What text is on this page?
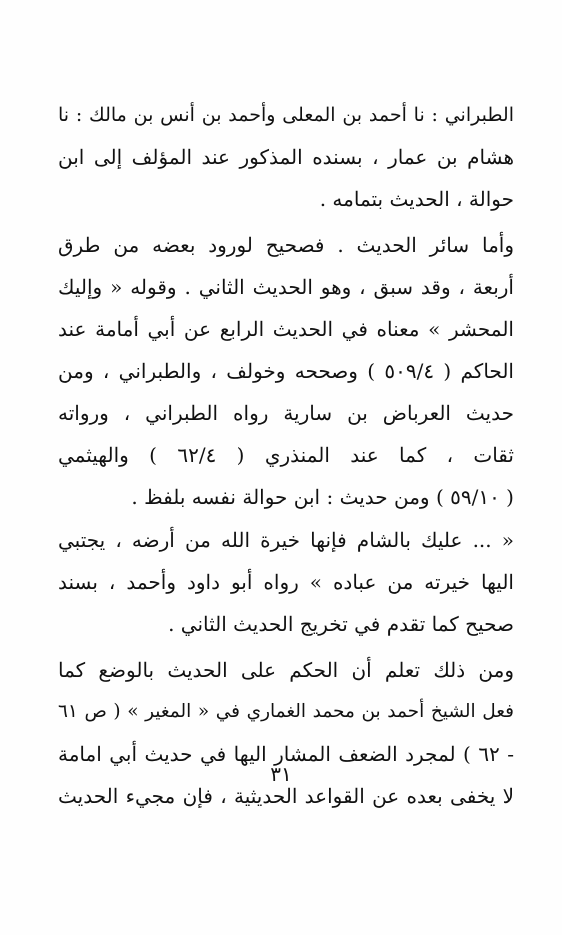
الطبراني : نا أحمد بن المعلى وأحمد بن أنس بن مالك : نا
هشام بن عمار ، بسنده المذكور عند المؤلف إلى ابن
حوالة ، الحديث بتمامه .
وأما سائر الحديث . فصحيح لورود بعضه من طرق
أربعة ، وقد سبق ، وهو الحديث الثاني . وقوله « وإليك
المحشر » معناه في الحديث الرابع عن أبي أمامة عند
الحاكم ( ٥٠٩/٤ ) وصححه وخولف ، والطبراني ، ومن
حديث العرباض بن سارية رواه الطبراني ، ورواته
ثقات ، كما عند المنذري ( ٦٢/٤ ) والهيثمي
( ٥٩/١٠ ) ومن حديث : ابن حوالة نفسه بلفظ .
« ... عليك بالشام فإنها خيرة الله من أرضه ، يجتبي
اليها خيرته من عباده » رواه أبو داود وأحمد ، بسند
صحيح كما تقدم في تخريج الحديث الثاني .
ومن ذلك تعلم أن الحكم على الحديث بالوضع كما
فعل الشيخ أحمد بن محمد الغماري في « المغير » ( ص ٦١
- ٦٢ ) لمجرد الضعف المشار اليها في حديث أبي امامة
لا يخفى بعده عن القواعد الحديثية ، فإن مجيء الحديث
٣١
